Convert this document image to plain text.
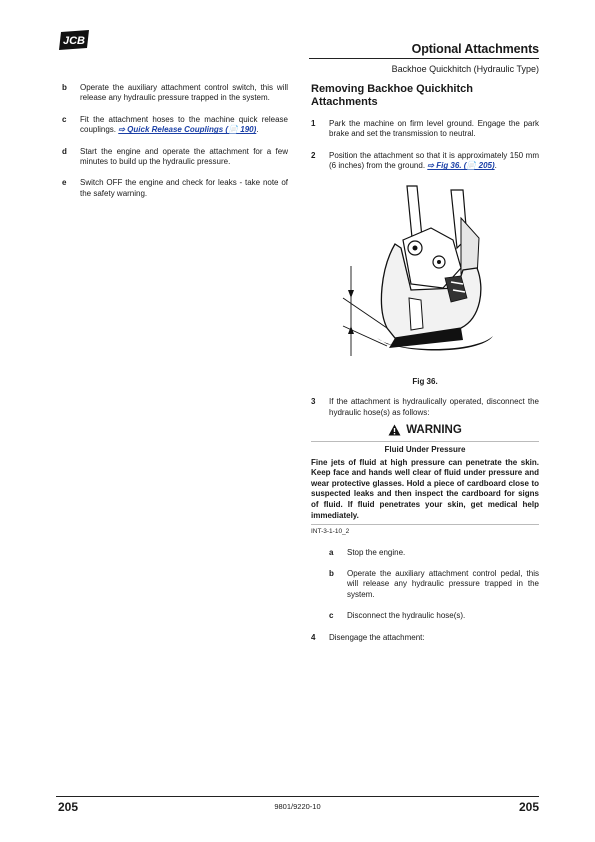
JCB
Optional Attachments
Backhoe Quickhitch (Hydraulic Type)
b	Operate the auxiliary attachment control switch, this will release any hydraulic pressure trapped in the system.
c	Fit the attachment hoses to the machine quick release couplings. ⇨ Quick Release Couplings (📄 190).
d	Start the engine and operate the attachment for a few minutes to build up the hydraulic pressure.
e	Switch OFF the engine and check for leaks - take note of the safety warning.
Removing Backhoe Quickhitch Attachments
1	Park the machine on firm level ground. Engage the park brake and set the transmission to neutral.
2	Position the attachment so that it is approximately 150 mm (6 inches) from the ground. ⇨ Fig 36. (📄 205).
Fig 36.
3	If the attachment is hydraulically operated, disconnect the hydraulic hose(s) as follows:
WARNING
Fluid Under Pressure
Fine jets of fluid at high pressure can penetrate the skin. Keep face and hands well clear of fluid under pressure and wear protective glasses. Hold a piece of cardboard close to suspected leaks and then inspect the cardboard for signs of fluid. If fluid penetrates your skin, get medical help immediately.
INT-3-1-10_2
a	Stop the engine.
b	Operate the auxiliary attachment control pedal, this will release any hydraulic pressure trapped in the system.
c	Disconnect the hydraulic hose(s).
4	Disengage the attachment:
205	9801/9220-10	205
